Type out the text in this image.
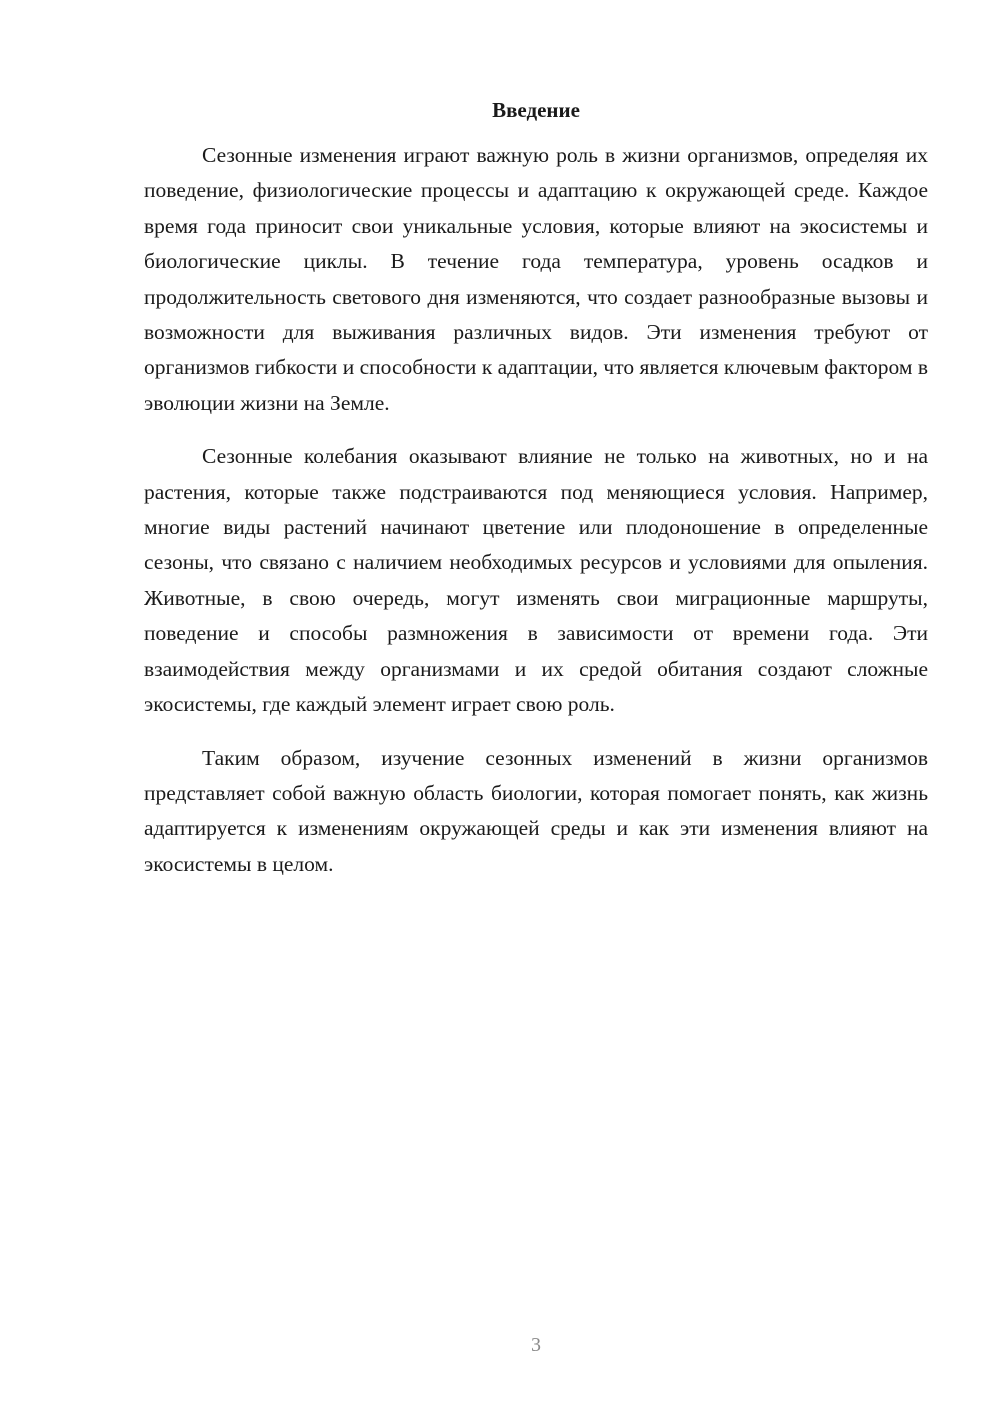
Введение

Сезонные изменения играют важную роль в жизни организмов, определяя их поведение, физиологические процессы и адаптацию к окружающей среде. Каждое время года приносит свои уникальные условия, которые влияют на экосистемы и биологические циклы. В течение года температура, уровень осадков и продолжительность светового дня изменяются, что создает разнообразные вызовы и возможности для выживания различных видов. Эти изменения требуют от организмов гибкости и способности к адаптации, что является ключевым фактором в эволюции жизни на Земле.

Сезонные колебания оказывают влияние не только на животных, но и на растения, которые также подстраиваются под меняющиеся условия. Например, многие виды растений начинают цветение или плодоношение в определенные сезоны, что связано с наличием необходимых ресурсов и условиями для опыления. Животные, в свою очередь, могут изменять свои миграционные маршруты, поведение и способы размножения в зависимости от времени года. Эти взаимодействия между организмами и их средой обитания создают сложные экосистемы, где каждый элемент играет свою роль.

Таким образом, изучение сезонных изменений в жизни организмов представляет собой важную область биологии, которая помогает понять, как жизнь адаптируется к изменениям окружающей среды и как эти изменения влияют на экосистемы в целом.

3
